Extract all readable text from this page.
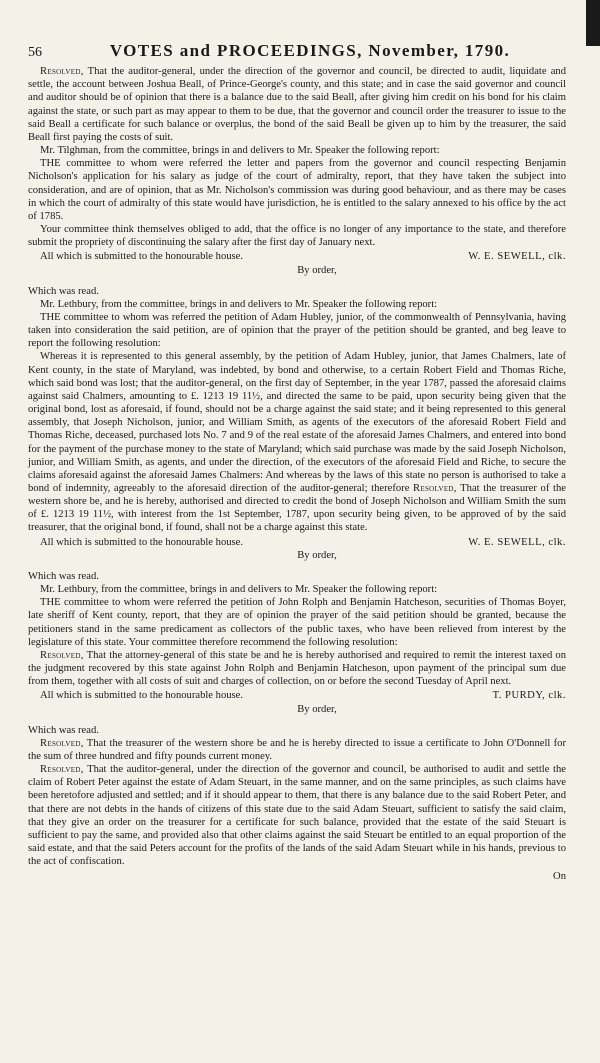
56	VOTES and PROCEEDINGS, November, 1790.

Resolved, That the auditor-general, under the direction of the governor and council, be directed to audit, liquidate and settle, the account between Joshua Beall, of Prince-George's county, and this state; and in case the said governor and council and auditor should be of opinion that there is a balance due to the said Beall, after giving him credit on his bond for his claim against the state, or such part as may appear to them to be due, that the governor and council order the treasurer to issue to the said Beall a certificate for such balance or overplus, the bond of the said Beall be given up to him by the treasurer, the said Beall first paying the costs of suit.

Mr. Tilghman, from the committee, brings in and delivers to Mr. Speaker the following report:

THE committee to whom were referred the letter and papers from the governor and council respecting Benjamin Nicholson's application for his salary as judge of the court of admiralty, report, that they have taken the subject into consideration, and are of opinion, that as Mr. Nicholson's commission was during good behaviour, and as there may be cases in which the court of admiralty of this state would have jurisdiction, he is entitled to the salary annexed to his office by the act of 1785.

Your committee think themselves obliged to add, that the office is no longer of any importance to the state, and therefore submit the propriety of discontinuing the salary after the first day of January next.

All which is submitted to the honourable house.	W. E. SEWELL, clk.
By order,

Which was read.

Mr. Lethbury, from the committee, brings in and delivers to Mr. Speaker the following report:

THE committee to whom was referred the petition of Adam Hubley, junior, of the commonwealth of Pennsylvania, having taken into consideration the said petition, are of opinion that the prayer of the petition should be granted, and beg leave to report the following resolution:

Whereas it is represented to this general assembly, by the petition of Adam Hubley, junior, that James Chalmers, late of Kent county, in the state of Maryland, was indebted, by bond and otherwise, to a certain Robert Field and Thomas Riche, which said bond was lost; that the auditor-general, on the first day of September, in the year 1787, passed the aforesaid claims against said Chalmers, amounting to £. 1213 19 11½, and directed the same to be paid, upon security being given that the original bond, lost as aforesaid, if found, should not be a charge against the said state; and it being represented to this general assembly, that Joseph Nicholson, junior, and William Smith, as agents of the executors of the aforesaid Robert Field and Thomas Riche, deceased, purchased lots No. 7 and 9 of the real estate of the aforesaid James Chalmers, and entered into bond for the payment of the purchase money to the state of Maryland; which said purchase was made by the said Joseph Nicholson, junior, and William Smith, as agents, and under the direction, of the executors of the aforesaid Field and Riche, to secure the claims aforesaid against the aforesaid James Chalmers: And whereas by the laws of this state no person is authorised to take a bond of indemnity, agreeably to the aforesaid direction of the auditor-general; therefore Resolved, That the treasurer of the western shore be, and he is hereby, authorised and directed to credit the bond of Joseph Nicholson and William Smith the sum of £. 1213 19 11½, with interest from the 1st September, 1787, upon security being given, to be approved of by the said treasurer, that the original bond, if found, shall not be a charge against this state.

All which is submitted to the honourable house.	W. E. SEWELL, clk.
By order,

Which was read.

Mr. Lethbury, from the committee, brings in and delivers to Mr. Speaker the following report:

THE committee to whom were referred the petition of John Rolph and Benjamin Hatcheson, securities of Thomas Boyer, late sheriff of Kent county, report, that they are of opinion the prayer of the said petition should be granted, because the petitioners stand in the same predicament as collectors of the public taxes, who have been relieved from interest by the legislature of this state. Your committee therefore recommend the following resolution:

Resolved, That the attorney-general of this state be and he is hereby authorised and required to remit the interest taxed on the judgment recovered by this state against John Rolph and Benjamin Hatcheson, upon payment of the principal sum due from them, together with all costs of suit and charges of collection, on or before the second Tuesday of April next.

All which is submitted to the honourable house.	T. PURDY, clk.
By order,

Which was read.

Resolved, That the treasurer of the western shore be and he is hereby directed to issue a certificate to John O'Donnell for the sum of three hundred and fifty pounds current money.

Resolved, That the auditor-general, under the direction of the governor and council, be authorised to audit and settle the claim of Robert Peter against the estate of Adam Steuart, in the same manner, and on the same principles, as such claims have been heretofore adjusted and settled; and if it should appear to them, that there is any balance due to the said Robert Peter, and that there are not debts in the hands of citizens of this state due to the said Adam Steuart, sufficient to satisfy the said claim, that they give an order on the treasurer for a certificate for such balance, provided that the estate of the said Steuart is sufficient to pay the same, and provided also that other claims against the said Steuart be entitled to an equal proportion of the said estate, and that the said Peters account for the profits of the lands of the said Adam Steuart while in his hands, previous to the act of confiscation.

On
